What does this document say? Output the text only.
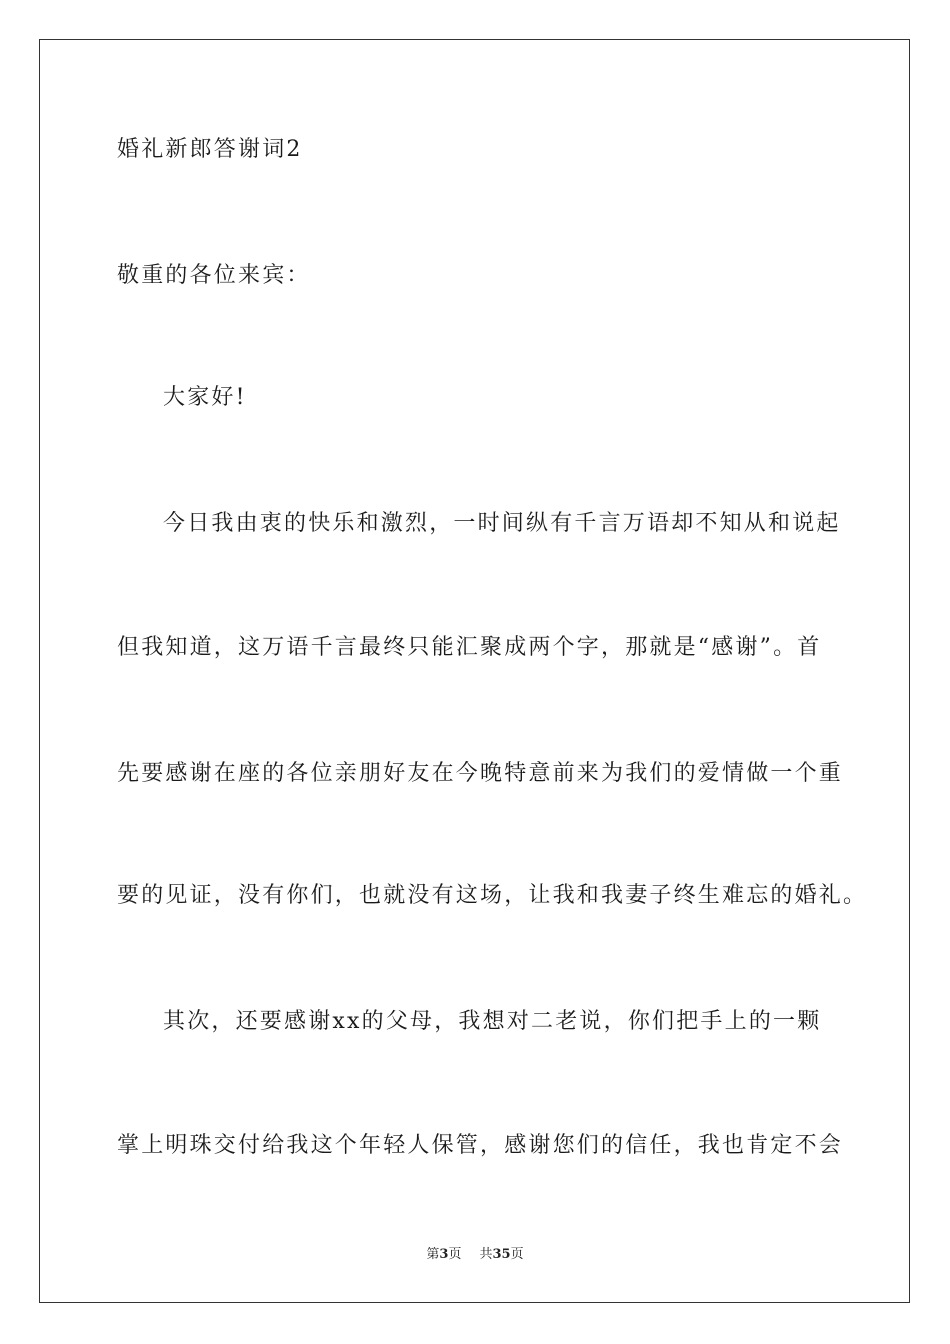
婚礼新郎答谢词2
敬重的各位来宾：
大家好!
今日我由衷的快乐和激烈，一时间纵有千言万语却不知从和说起
但我知道，这万语千言最终只能汇聚成两个字，那就是“感谢”。首
先要感谢在座的各位亲朋好友在今晚特意前来为我们的爱情做一个重
要的见证，没有你们，也就没有这场，让我和我妻子终生难忘的婚礼。
其次，还要感谢xx的父母，我想对二老说，你们把手上的一颗
掌上明珠交付给我这个年轻人保管，感谢您们的信任，我也肯定不会
第3页 共35页
